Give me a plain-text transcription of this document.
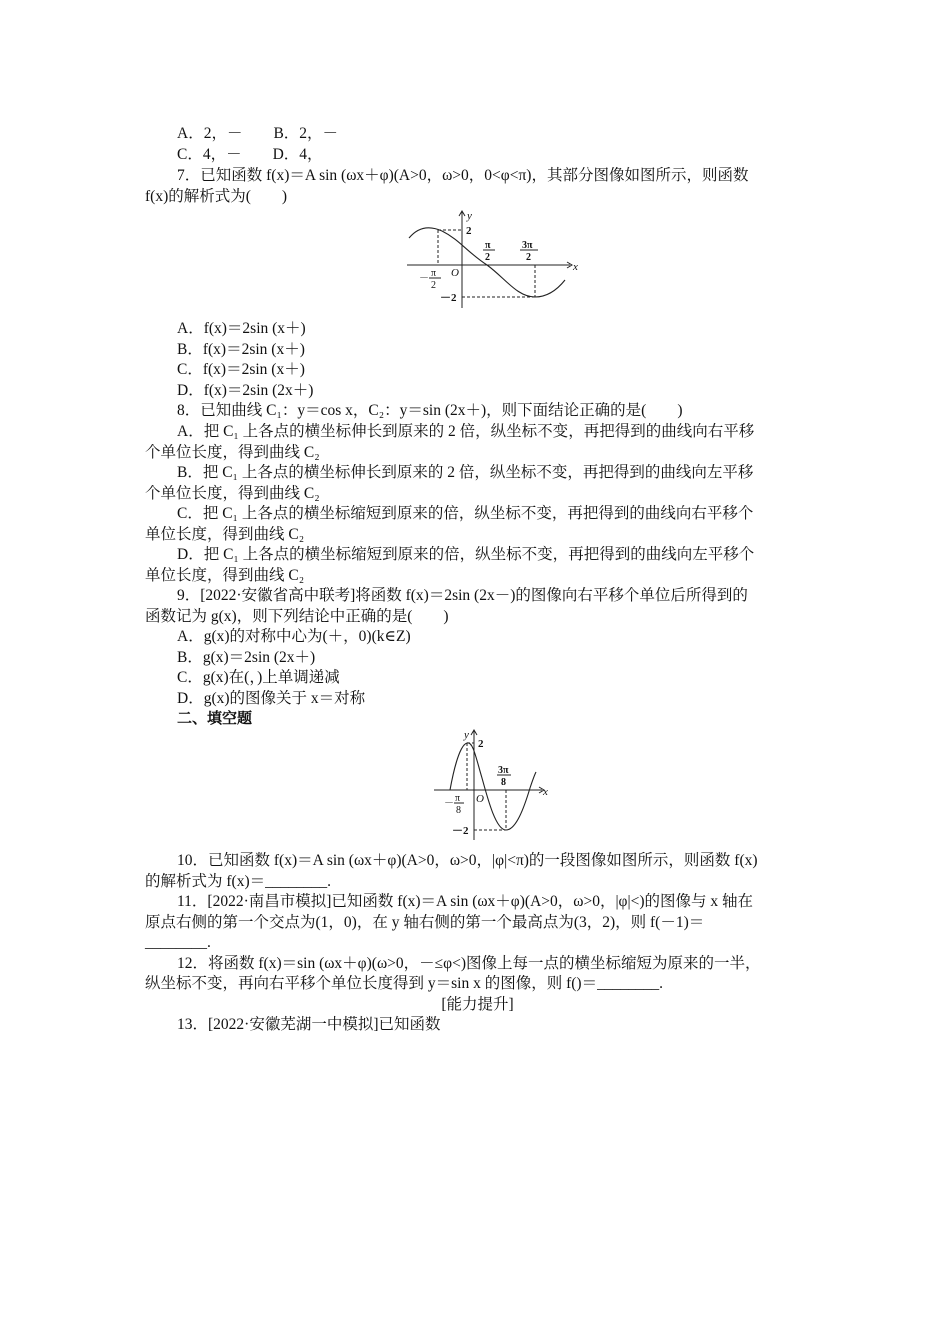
A．2，－　　B．2，－
C．4，－　　D．4，
7．已知函数 f(x)＝A sin (ωx＋φ)(A>0，ω>0，0<φ<π)，其部分图像如图所示，则函数
f(x)的解析式为(　　)
y
x
O
2
－2
π
2
3π
2
－ π
2
A．f(x)＝2sin (x＋)
B．f(x)＝2sin (x＋)
C．f(x)＝2sin (x＋)
D．f(x)＝2sin (2x＋)
8．已知曲线 C₁：y＝cos x，C₂：y＝sin (2x＋)，则下面结论正确的是(　　)
A．把 C₁ 上各点的横坐标伸长到原来的 2 倍，纵坐标不变，再把得到的曲线向右平移
个单位长度，得到曲线 C₂
B．把 C₁ 上各点的横坐标伸长到原来的 2 倍，纵坐标不变，再把得到的曲线向左平移
个单位长度，得到曲线 C₂
C．把 C₁ 上各点的横坐标缩短到原来的倍，纵坐标不变，再把得到的曲线向右平移个
单位长度，得到曲线 C₂
D．把 C₁ 上各点的横坐标缩短到原来的倍，纵坐标不变，再把得到的曲线向左平移个
单位长度，得到曲线 C₂
9．[2022·安徽省高中联考]将函数 f(x)＝2sin (2x－)的图像向右平移个单位后所得到的
函数记为 g(x)，则下列结论中正确的是(　　)
A．g(x)的对称中心为(＋，0)(k∈Z)
B．g(x)＝2sin (2x＋)
C．g(x)在(，)上单调递减
D．g(x)的图像关于 x＝对称
二、填空题
y
x
O
2
－2
3π
8
－ π
8
10．已知函数 f(x)＝A sin (ωx＋φ)(A>0，ω>0，|φ|<π)的一段图像如图所示，则函数 f(x)
的解析式为 f(x)＝________.
11．[2022·南昌市模拟]已知函数 f(x)＝A sin (ωx＋φ)(A>0，ω>0，|φ|<)的图像与 x 轴在
原点右侧的第一个交点为(1，0)，在 y 轴右侧的第一个最高点为(3，2)，则 f(－1)＝
________.
12．将函数 f(x)＝sin (ωx＋φ)(ω>0，－≤φ<)图像上每一点的横坐标缩短为原来的一半，
纵坐标不变，再向右平移个单位长度得到 y＝sin x 的图像，则 f()＝________.
[能力提升]
13．[2022·安徽芜湖一中模拟]已知函数
